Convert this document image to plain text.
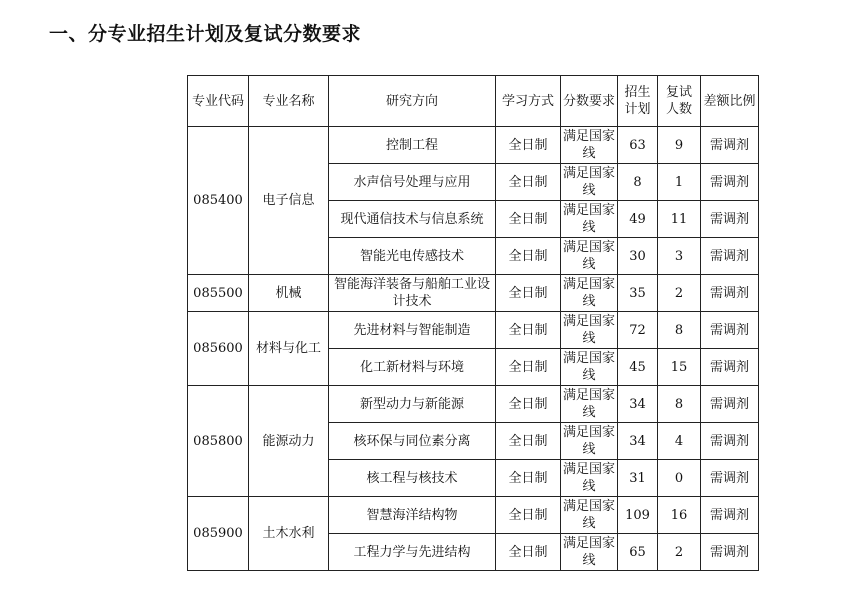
一、分专业招生计划及复试分数要求
专业代码	专业名称	研究方向	学习方式	分数要求	招生计划	复试人数	差额比例
085400	电子信息	控制工程	全日制	满足国家线	63	9	需调剂
		水声信号处理与应用	全日制	满足国家线	8	1	需调剂
		现代通信技术与信息系统	全日制	满足国家线	49	11	需调剂
		智能光电传感技术	全日制	满足国家线	30	3	需调剂
085500	机械	智能海洋装备与船舶工业设计技术	全日制	满足国家线	35	2	需调剂
085600	材料与化工	先进材料与智能制造	全日制	满足国家线	72	8	需调剂
		化工新材料与环境	全日制	满足国家线	45	15	需调剂
085800	能源动力	新型动力与新能源	全日制	满足国家线	34	8	需调剂
		核环保与同位素分离	全日制	满足国家线	34	4	需调剂
		核工程与核技术	全日制	满足国家线	31	0	需调剂
085900	土木水利	智慧海洋结构物	全日制	满足国家线	109	16	需调剂
		工程力学与先进结构	全日制	满足国家线	65	2	需调剂
